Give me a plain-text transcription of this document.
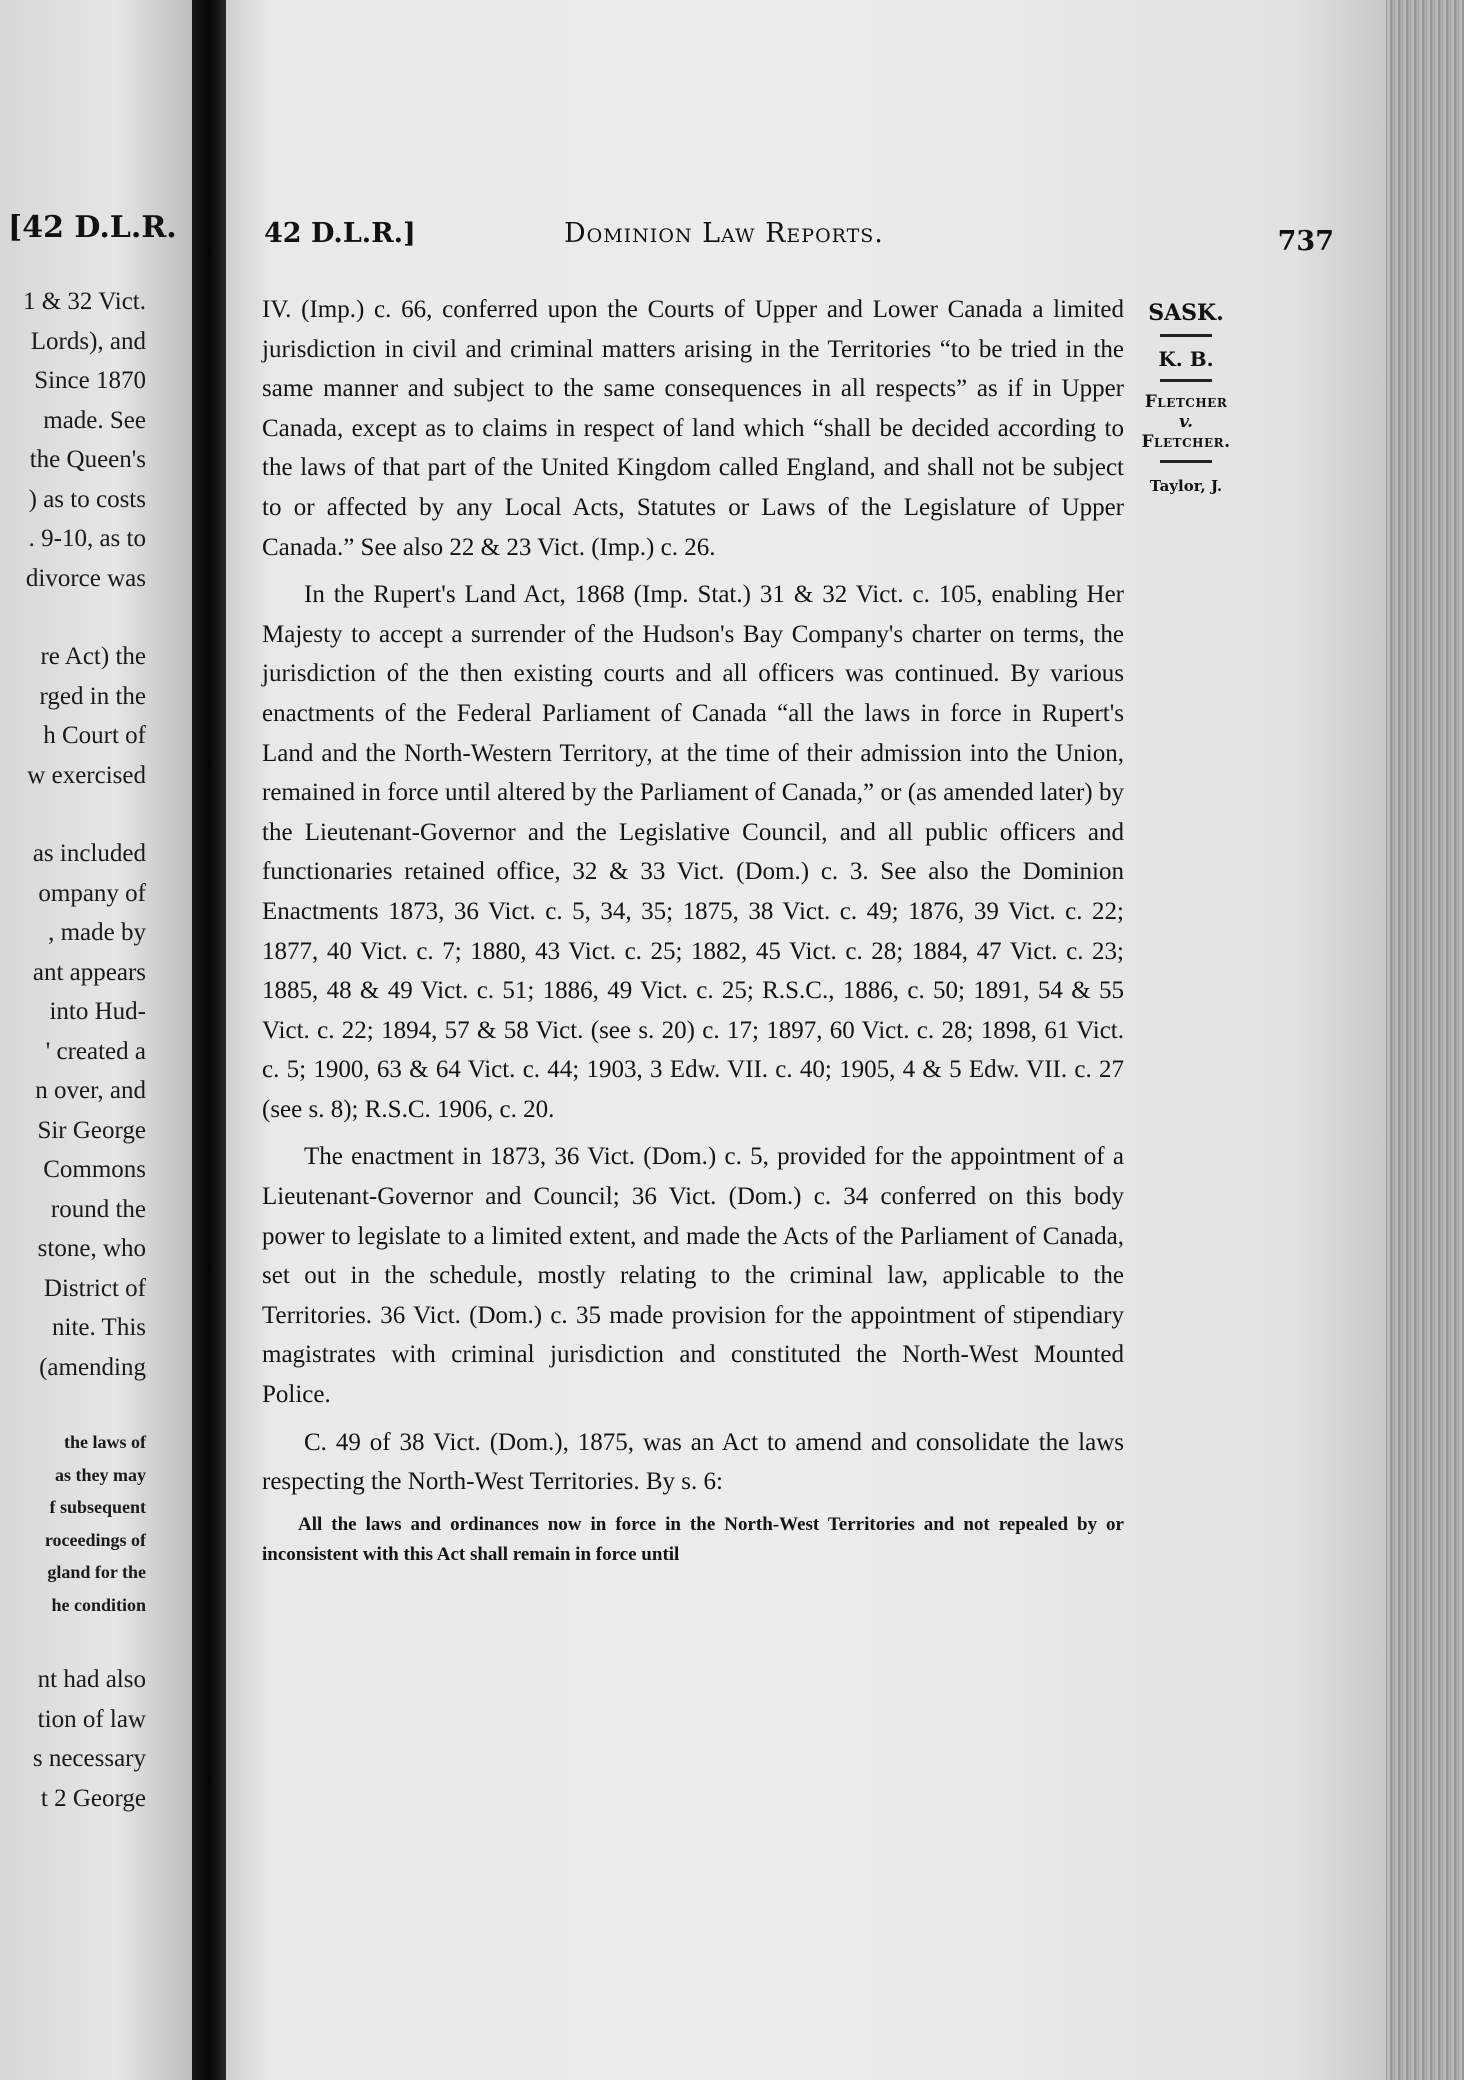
[42 D.L.R.
1 & 32 Vict.
Lords), and
Since 1870
made. See
the Queen's
) as to costs
. 9-10, as to
divorce was
re Act) the
rged in the
h Court of
w exercised
as included
ompany of
, made by
ant appears
into Hud-
' created a
n over, and
Sir George
Commons
round the
stone, who
District of
nite. This
(amending
the laws of
as they may
f subsequent
roceedings of
gland for the
he condition
nt had also
tion of law
s necessary
t 2 George
42 D.L.R.]	Dominion Law Reports.	737
SASK.
K. B.
Fletcher
v.
Fletcher.
Taylor, J.

IV. (Imp.) c. 66, conferred upon the Courts of Upper and Lower Canada a limited jurisdiction in civil and criminal matters arising in the Territories “to be tried in the same manner and subject to the same consequences in all respects” as if in Upper Canada, except as to claims in respect of land which “shall be decided according to the laws of that part of the United Kingdom called England, and shall not be subject to or affected by any Local Acts, Statutes or Laws of the Legislature of Upper Canada.” See also 22 & 23 Vict. (Imp.) c. 26.

In the Rupert's Land Act, 1868 (Imp. Stat.) 31 & 32 Vict. c. 105, enabling Her Majesty to accept a surrender of the Hudson's Bay Company's charter on terms, the jurisdiction of the then existing courts and all officers was continued. By various enactments of the Federal Parliament of Canada “all the laws in force in Rupert's Land and the North-Western Territory, at the time of their admission into the Union, remained in force until altered by the Parliament of Canada,” or (as amended later) by the Lieutenant-Governor and the Legislative Council, and all public officers and functionaries retained office, 32 & 33 Vict. (Dom.) c. 3. See also the Dominion Enactments 1873, 36 Vict. c. 5, 34, 35; 1875, 38 Vict. c. 49; 1876, 39 Vict. c. 22; 1877, 40 Vict. c. 7; 1880, 43 Vict. c. 25; 1882, 45 Vict. c. 28; 1884, 47 Vict. c. 23; 1885, 48 & 49 Vict. c. 51; 1886, 49 Vict. c. 25; R.S.C., 1886, c. 50; 1891, 54 & 55 Vict. c. 22; 1894, 57 & 58 Vict. (see s. 20) c. 17; 1897, 60 Vict. c. 28; 1898, 61 Vict. c. 5; 1900, 63 & 64 Vict. c. 44; 1903, 3 Edw. VII. c. 40; 1905, 4 & 5 Edw. VII. c. 27 (see s. 8); R.S.C. 1906, c. 20.

The enactment in 1873, 36 Vict. (Dom.) c. 5, provided for the appointment of a Lieutenant-Governor and Council; 36 Vict. (Dom.) c. 34 conferred on this body power to legislate to a limited extent, and made the Acts of the Parliament of Canada, set out in the schedule, mostly relating to the criminal law, applicable to the Territories. 36 Vict. (Dom.) c. 35 made provision for the appointment of stipendiary magistrates with criminal jurisdiction and constituted the North-West Mounted Police.

C. 49 of 38 Vict. (Dom.), 1875, was an Act to amend and consolidate the laws respecting the North-West Territories. By s. 6:

All the laws and ordinances now in force in the North-West Territories and not repealed by or inconsistent with this Act shall remain in force until
